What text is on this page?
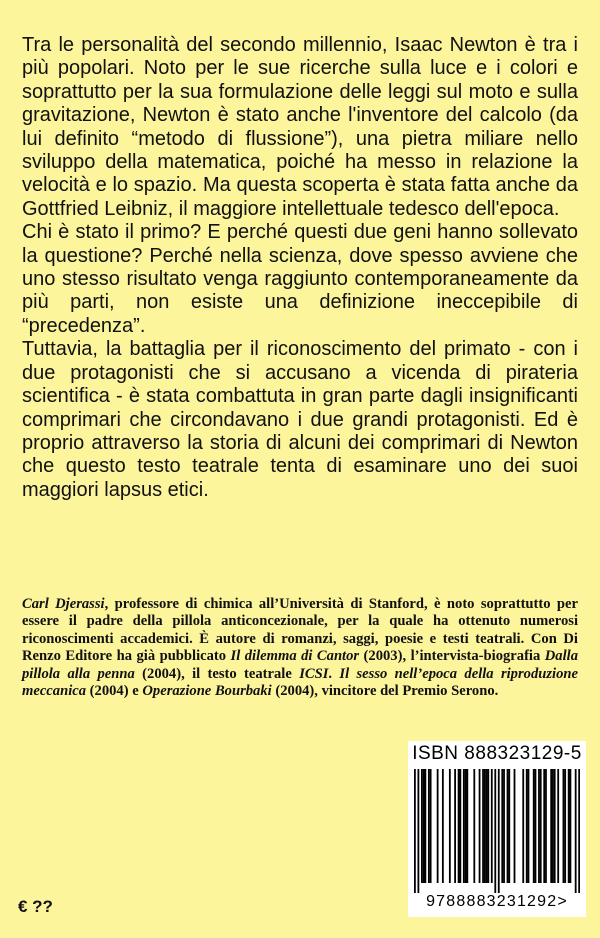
Tra le personalità del secondo millennio, Isaac Newton è tra i più popolari. Noto per le sue ricerche sulla luce e i colori e soprattutto per la sua formulazione delle leggi sul moto e sulla gravitazione, Newton è stato anche l'inventore del calcolo (da lui definito “metodo di flussione”), una pietra miliare nello sviluppo della matematica, poiché ha messo in relazione la velocità e lo spazio. Ma questa scoperta è stata fatta anche da Gottfried Leibniz, il maggiore intellettuale tedesco dell'epoca.

Chi è stato il primo? E perché questi due geni hanno sollevato la questione? Perché nella scienza, dove spesso avviene che uno stesso risultato venga raggiunto contemporaneamente da più parti, non esiste una definizione ineccepibile di “precedenza”.

Tuttavia, la battaglia per il riconoscimento del primato - con i due protagonisti che si accusano a vicenda di pirateria scientifica - è stata combattuta in gran parte dagli insignificanti comprimari che circondavano i due grandi protagonisti. Ed è proprio attraverso la storia di alcuni dei comprimari di Newton che questo testo teatrale tenta di esaminare uno dei suoi maggiori lapsus etici.

Carl Djerassi, professore di chimica all’Università di Stanford, è noto soprattutto per essere il padre della pillola anticoncezionale, per la quale ha ottenuto numerosi riconoscimenti accademici. È autore di romanzi, saggi, poesie e testi teatrali. Con Di Renzo Editore ha già pubblicato Il dilemma di Cantor (2003), l’intervista-biografia Dalla pillola alla penna (2004), il testo teatrale ICSI. Il sesso nell’epoca della riproduzione meccanica (2004) e Operazione Bourbaki (2004), vincitore del Premio Serono.

ISBN 888323129-5
9788883231292>
€ ??
